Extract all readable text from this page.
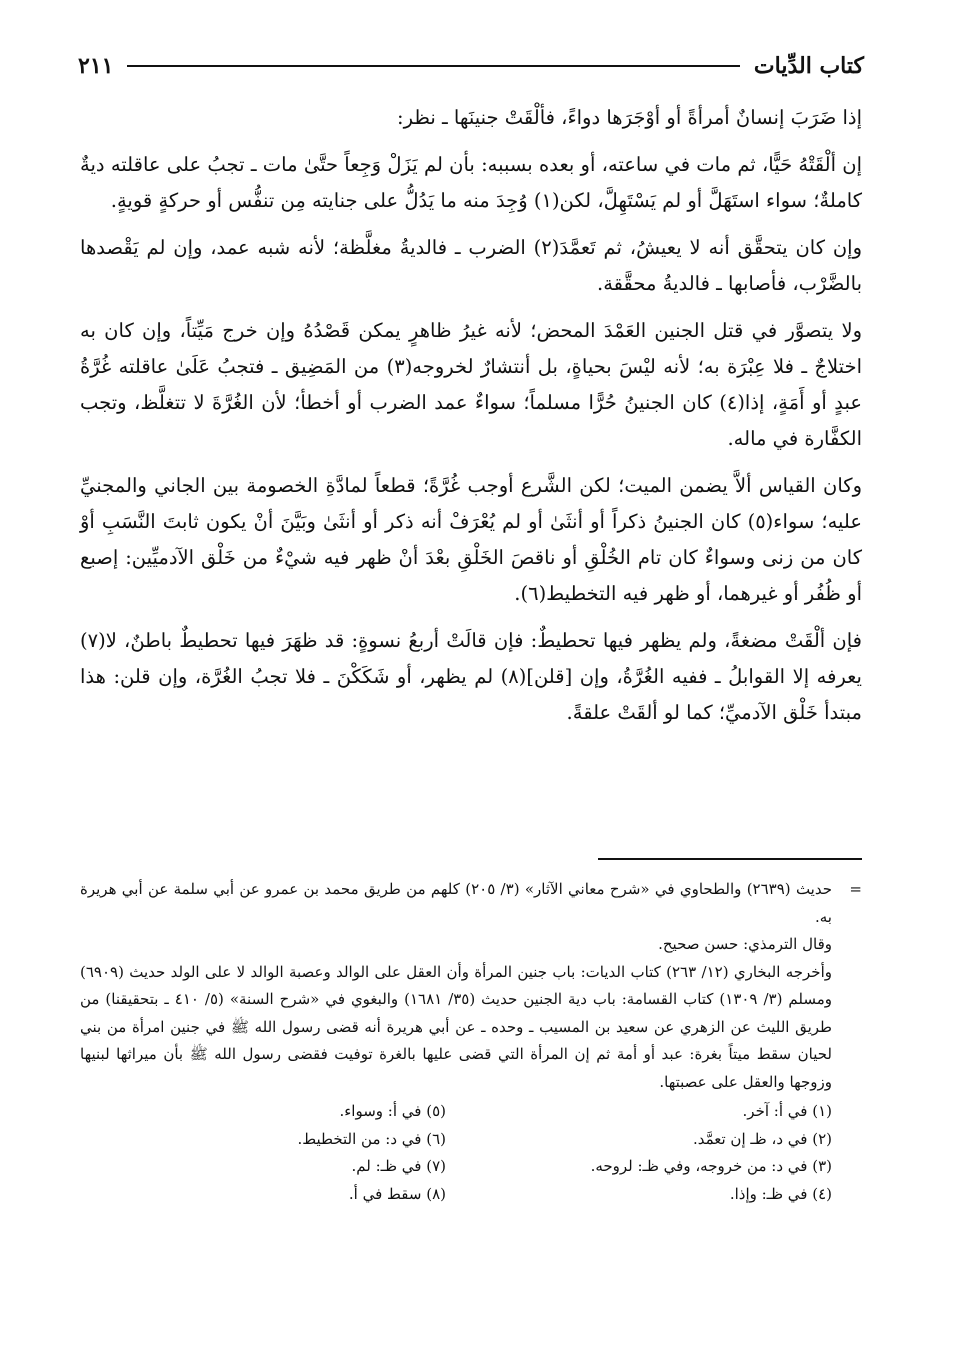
كتاب الدِّيات
٢١١

إذا ضَرَبَ إنسانٌ أمرأةً أو أوْجَرَها دواءً، فألْقَتْ جنينَها ـ نظر:

إن ألْقَتْهُ حَيًّا، ثم مات في ساعته، أو بعده بسببه: بأن لم يَزَلْ وَجِعاً حتَّىٰ مات ـ تجبُ على عاقلته ديةٌ كاملةٌ؛ سواء استَهَلَّ أو لم يَسْتَهِلَّ، لكن(١) وُجِدَ منه ما يَدُلُّ على جنايته مِن تنفُّس أو حركةٍ قويةٍ.

وإن كان يتحقَّق أنه لا يعيشُ، ثم تَعمَّدَ(٢) الضرب ـ فالديةُ مغلَّظة؛ لأنه شبه عمد، وإن لم يَقْصدها بالضَّرْب، فأصابها ـ فالديةُ محقَّقة.

ولا يتصوَّر في قتل الجنين العَمْدَ المحض؛ لأنه غيرُ ظاهرٍ يمكن قَصْدُهُ وإن خرج مَيِّتاً، وإن كان به اختلاجٌ ـ فلا عِبْرَة به؛ لأنه ليْسَ بحياةٍ، بل أنتشارٌ لخروجه(٣) من المَضِيق ـ فتجبُ عَلَىٰ عاقلته غُرَّةُ عبدٍ أو أَمَةٍ، إذا(٤) كان الجنينُ حُرًّا مسلماً؛ سواءٌ عمد الضرب أو أخطأ؛ لأن الغُرَّةَ لا تتغلَّظ، وتجب الكفَّارة في ماله.

وكان القياس ألاَّ يضمن الميت؛ لكن الشَّرع أوجب غُرَّةً؛ قطعاً لمادَّةِ الخصومة بين الجاني والمجنيِّ عليه؛ سواء(٥) كان الجنينُ ذكراً أو أنثَىٰ أو لم يُعْرَفْ أنه ذكر أو أنثَىٰ وبَيَّنَ أنْ يكون ثابتَ النَّسَبِ أوْ كان من زنى وسواءٌ كان تام الخُلْقِ أو ناقصَ الخَلْقِ بعْدَ أنْ ظهر فيه شيْءٌ من خَلْق الآدميِّين: إصبع أو ظُفُر أو غيرهما، أو ظهر فيه التخطيط(٦).

فإن ألْقَتْ مضغةً، ولم يظهر فيها تحطيطٌ: فإن قالَتْ أربعُ نسوةٍ: قد ظهَرَ فيها تحطيطٌ باطنٌ، لا(٧) يعرفه إلا القوابلُ ـ ففيه الغُرَّةُ، وإن [قلن](٨) لم يظهر، أو شَكَكْنَ ـ فلا تجبُ الغُرَّة، وإن قلن: هذا مبتدأ خَلْق الآدميِّ؛ كما لو ألقَتْ علقةً.

=
حديث (٢٦٣٩) والطحاوي في «شرح معاني الآثار» (٣/ ٢٠٥) كلهم من طريق محمد بن عمرو عن أبي سلمة عن أبي هريرة به.

وقال الترمذي: حسن صحيح.

وأخرجه البخاري (١٢/ ٢٦٣) كتاب الديات: باب جنين المرأة وأن العقل على الوالد وعصبة الوالد لا على الولد حديث (٦٩٠٩) ومسلم (٣/ ١٣٠٩) كتاب القسامة: باب دية الجنين حديث (٣٥/ ١٦٨١) والبغوي في «شرح السنة» (٥/ ٤١٠ ـ بتحقيقنا) من طريق الليث عن الزهري عن سعيد بن المسيب ـ وحده ـ عن أبي هريرة أنه قضى رسول الله ﷺ في جنين امرأة من بني لحيان سقط ميتاً بغرة: عبد أو أمة ثم إن المرأة التي قضى عليها بالغرة توفيت فقضى رسول الله ﷺ بأن ميراثها لبنيها وزوجها والعقل على عصبتها.

(١) في أ: آخر.
(٥) في أ: وسواء.
(٢) في د، ظـ إن تعمَّد.
(٦) في د: من التخطيط.
(٣) في د: من خروجه، وفي ظـ: لروحه.
(٧) في ظـ: لم.
(٤) في ظـ: وإذا.
(٨) سقط في أ.
